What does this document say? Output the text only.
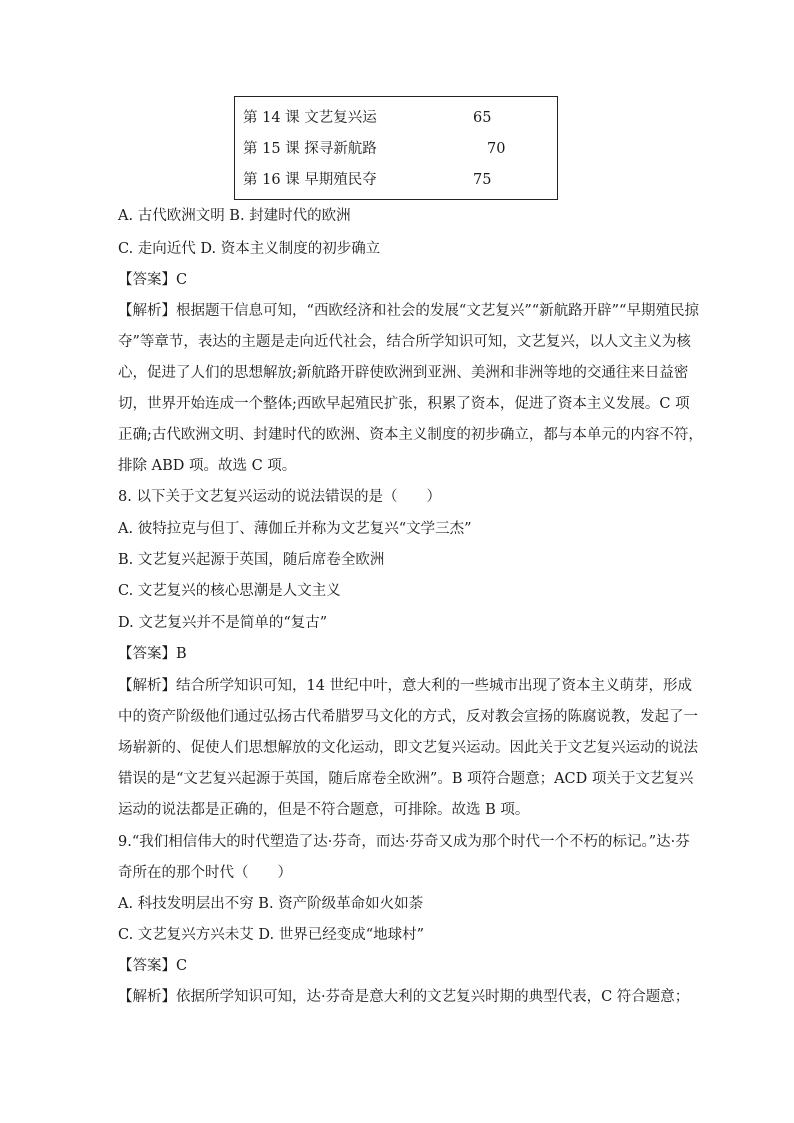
第 14 课 文艺复兴运	65
第 15 课 探寻新航路	70
第 16 课 早期殖民夺	75
A. 古代欧洲文明 B. 封建时代的欧洲
C. 走向近代 D. 资本主义制度的初步确立
【答案】C
【解析】根据题干信息可知，“西欧经济和社会的发展“文艺复兴”“新航路开辟”“早期殖民掠
夺”等章节，表达的主题是走向近代社会，结合所学知识可知，文艺复兴，以人文主义为核
心，促进了人们的思想解放;新航路开辟使欧洲到亚洲、美洲和非洲等地的交通往来日益密
切，世界开始连成一个整体;西欧早起殖民扩张，积累了资本，促进了资本主义发展。C 项
正确;古代欧洲文明、封建时代的欧洲、资本主义制度的初步确立，都与本单元的内容不符，
排除 ABD 项。故选 C 项。
8. 以下关于文艺复兴运动的说法错误的是（　　）
A. 彼特拉克与但丁、薄伽丘并称为文艺复兴“文学三杰”
B. 文艺复兴起源于英国，随后席卷全欧洲
C. 文艺复兴的核心思潮是人文主义
D. 文艺复兴并不是简单的“复古”
【答案】B
【解析】结合所学知识可知，14 世纪中叶，意大利的一些城市出现了资本主义萌芽，形成
中的资产阶级他们通过弘扬古代希腊罗马文化的方式，反对教会宣扬的陈腐说教，发起了一
场崭新的、促使人们思想解放的文化运动，即文艺复兴运动。因此关于文艺复兴运动的说法
错误的是“文艺复兴起源于英国，随后席卷全欧洲”。B 项符合题意；ACD 项关于文艺复兴
运动的说法都是正确的，但是不符合题意，可排除。故选 B 项。
9.“我们相信伟大的时代塑造了达·芬奇，而达·芬奇又成为那个时代一个不朽的标记。”达·芬
奇所在的那个时代（　　）
A. 科技发明层出不穷 B. 资产阶级革命如火如荼
C. 文艺复兴方兴未艾 D. 世界已经变成“地球村”
【答案】C
【解析】依据所学知识可知，达·芬奇是意大利的文艺复兴时期的典型代表，C 符合题意；
